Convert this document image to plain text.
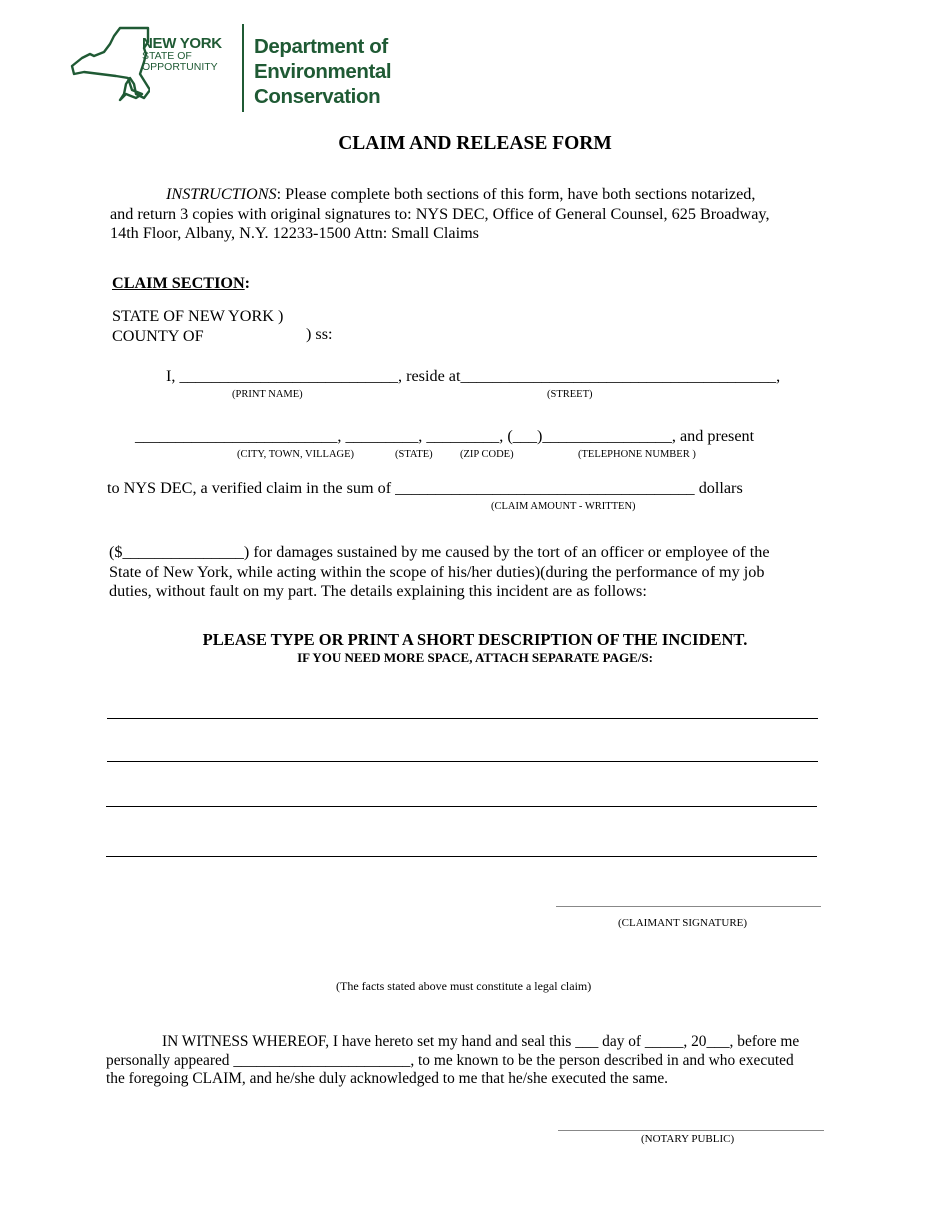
NEW YORK
STATE OF
OPPORTUNITY
Department of
Environmental
Conservation
CLAIM AND RELEASE FORM
INSTRUCTIONS: Please complete both sections of this form, have both sections notarized,
and return 3 copies with original signatures to: NYS DEC, Office of General Counsel, 625 Broadway,
14th Floor, Albany, N.Y. 12233-1500 Attn: Small Claims
CLAIM SECTION:
STATE OF NEW YORK )
COUNTY OF	) ss:
I, ___________________________, reside at_______________________________________,
(PRINT NAME)	(STREET)
_________________________, _________, _________, (___)________________, and present
(CITY, TOWN, VILLAGE)	(STATE)	(ZIP CODE)	(TELEPHONE NUMBER )
to NYS DEC, a verified claim in the sum of _____________________________________ dollars
(CLAIM AMOUNT - WRITTEN)
($_______________) for damages sustained by me caused by the tort of an officer or employee of the
State of New York, while acting within the scope of his/her duties)(during the performance of my job
duties, without fault on my part. The details explaining this incident are as follows:
PLEASE TYPE OR PRINT A SHORT DESCRIPTION OF THE INCIDENT.
IF YOU NEED MORE SPACE, ATTACH SEPARATE PAGE/S:
(CLAIMANT SIGNATURE)
(The facts stated above must constitute a legal claim)
IN WITNESS WHEREOF, I have hereto set my hand and seal this ___ day of _____, 20___, before me
personally appeared _______________________, to me known to be the person described in and who executed
the foregoing CLAIM, and he/she duly acknowledged to me that he/she executed the same.
(NOTARY PUBLIC)
